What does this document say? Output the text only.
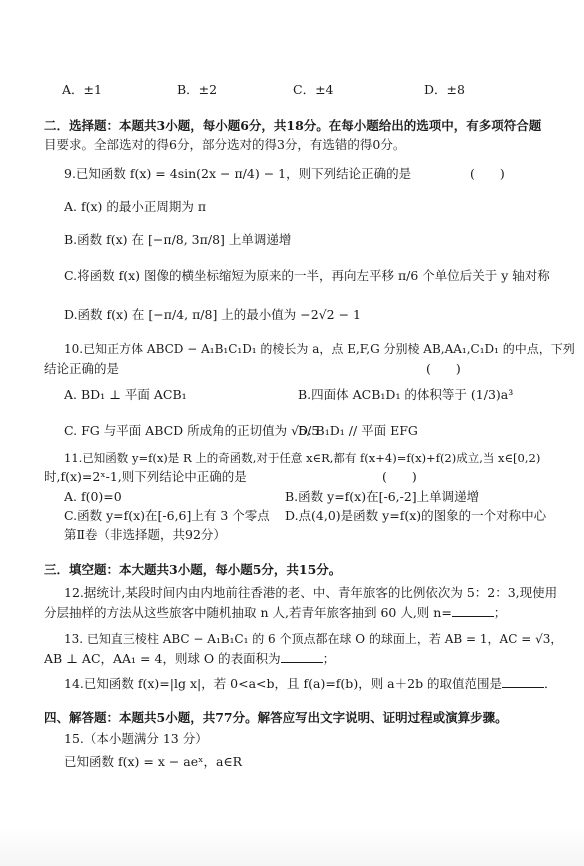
A．±1	B．±2	C．±4	D．±8
二．选择题：本题共3小题，每小题6分，共18分。在每小题给出的选项中，有多项符合题
目要求。全部选对的得6分，部分选对的得3分，有选错的得0分。
9.已知函数 f(x) = 4sin(2x − π/4) − 1，则下列结论正确的是	(　　)
A. f(x) 的最小正周期为 π
B.函数 f(x) 在 [−π/8, 3π/8] 上单调递增
C.将函数 f(x) 图像的横坐标缩短为原来的一半，再向左平移 π/6 个单位后关于 y 轴对称
D.函数 f(x) 在 [−π/4, π/8] 上的最小值为 −2√2 − 1
10.已知正方体 ABCD − A₁B₁C₁D₁ 的棱长为 a，点 E,F,G 分别棱 AB,AA₁,C₁D₁ 的中点，下列
结论正确的是	(　　)
A. BD₁ ⊥ 平面 ACB₁	B.四面体 ACB₁D₁ 的体积等于 (1/3)a³
C. FG 与平面 ABCD 所成角的正切值为 √5/5
D. B₁D₁ // 平面 EFG
11.已知函数 y=f(x)是 R 上的奇函数,对于任意 x∈R,都有 f(x+4)=f(x)+f(2)成立,当 x∈[0,2)
时,f(x)=2ˣ-1,则下列结论中正确的是	(　　)
A. f(0)=0	B.函数 y=f(x)在[-6,-2]上单调递增
C.函数 y=f(x)在[-6,6]上有 3 个零点 D.点(4,0)是函数 y=f(x)的图象的一个对称中心
第Ⅱ卷（非选择题，共92分）
三．填空题：本大题共3小题，每小题5分，共15分。
12.据统计,某段时间内由内地前往香港的老、中、青年旅客的比例依次为 5：2：3,现使用
分层抽样的方法从这些旅客中随机抽取 n 人,若青年旅客抽到 60 人,则 n=	；
13. 已知直三棱柱 ABC − A₁B₁C₁ 的 6 个顶点都在球 O 的球面上，若 AB = 1，AC = √3，
AB ⊥ AC，AA₁ = 4，则球 O 的表面积为	；
14.已知函数 f(x)=|lg x|，若 0<a<b，且 f(a)=f(b)，则 a＋2b 的取值范围是	．
四、解答题：本题共5小题，共77分。解答应写出文字说明、证明过程或演算步骤。
15.（本小题满分 13 分）
已知函数 f(x) = x − aeˣ，a∈R
